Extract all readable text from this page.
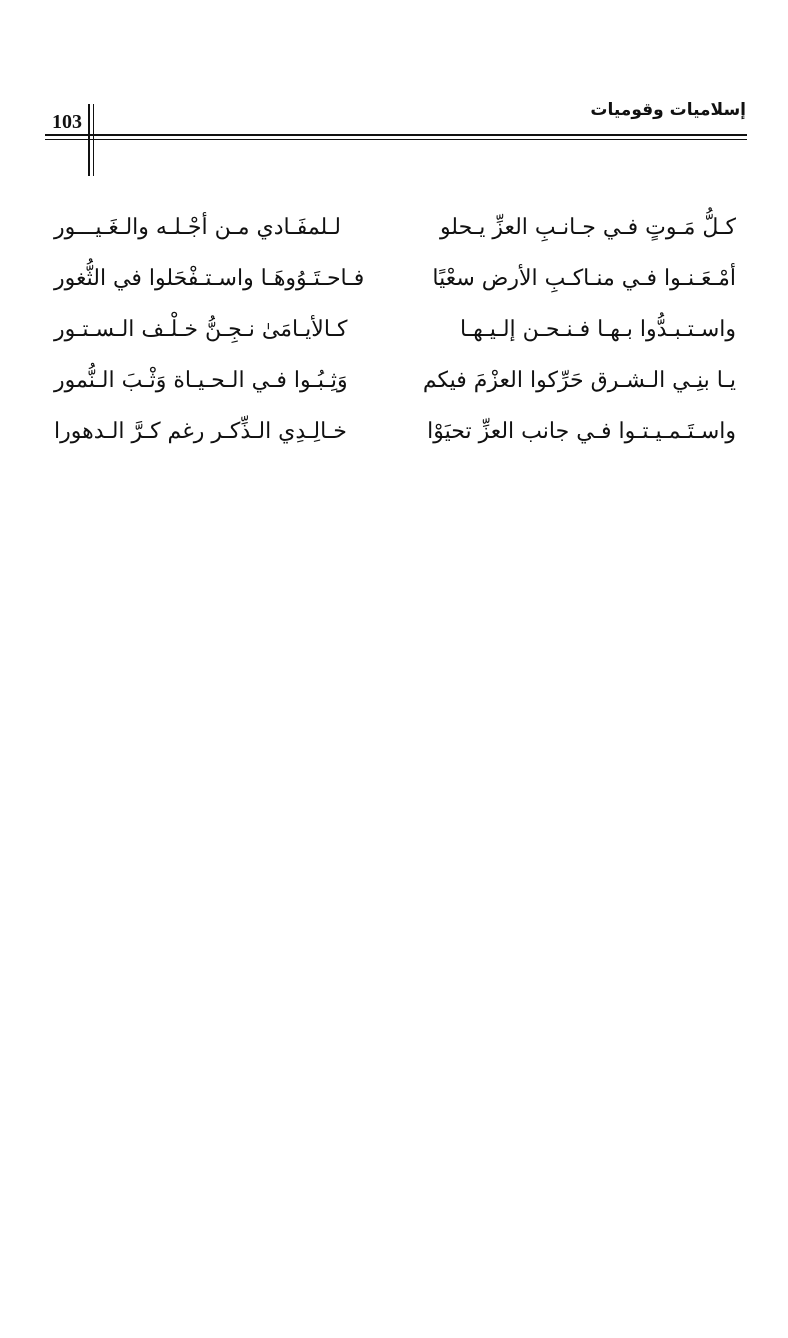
إسلاميات وقوميات
103
كـلُّ مَـوتٍ فـي جـانـبِ العزِّ يـحلو
لـلمفَـادي مـن أجْـلـه والـغَـيـــور
أمْـعَـنـوا فـي منـاكـبِ الأرض سعْيًا
فـاحـتَـوُوهَـا واسـتـفْحَلوا في الثُّغور
واسـتـبـدُّوا بـهـا فـنـحـن إلـيـهـا
كـالأيـامَىٰ نـجِـنُّ خـلْـف الـسـتـور
يـا بنِـي الـشـرق حَرِّكوا العزْمَ فيكم
وَثِـبُـوا فـي الـحـيـاة وَثْـبَ الـنُّمور
واسـتَـمـيـتـوا فـي جانب العزِّ تحيَوْا
خـالِـدِي الـذِّكـر رغم كـرَّ الـدهورا
